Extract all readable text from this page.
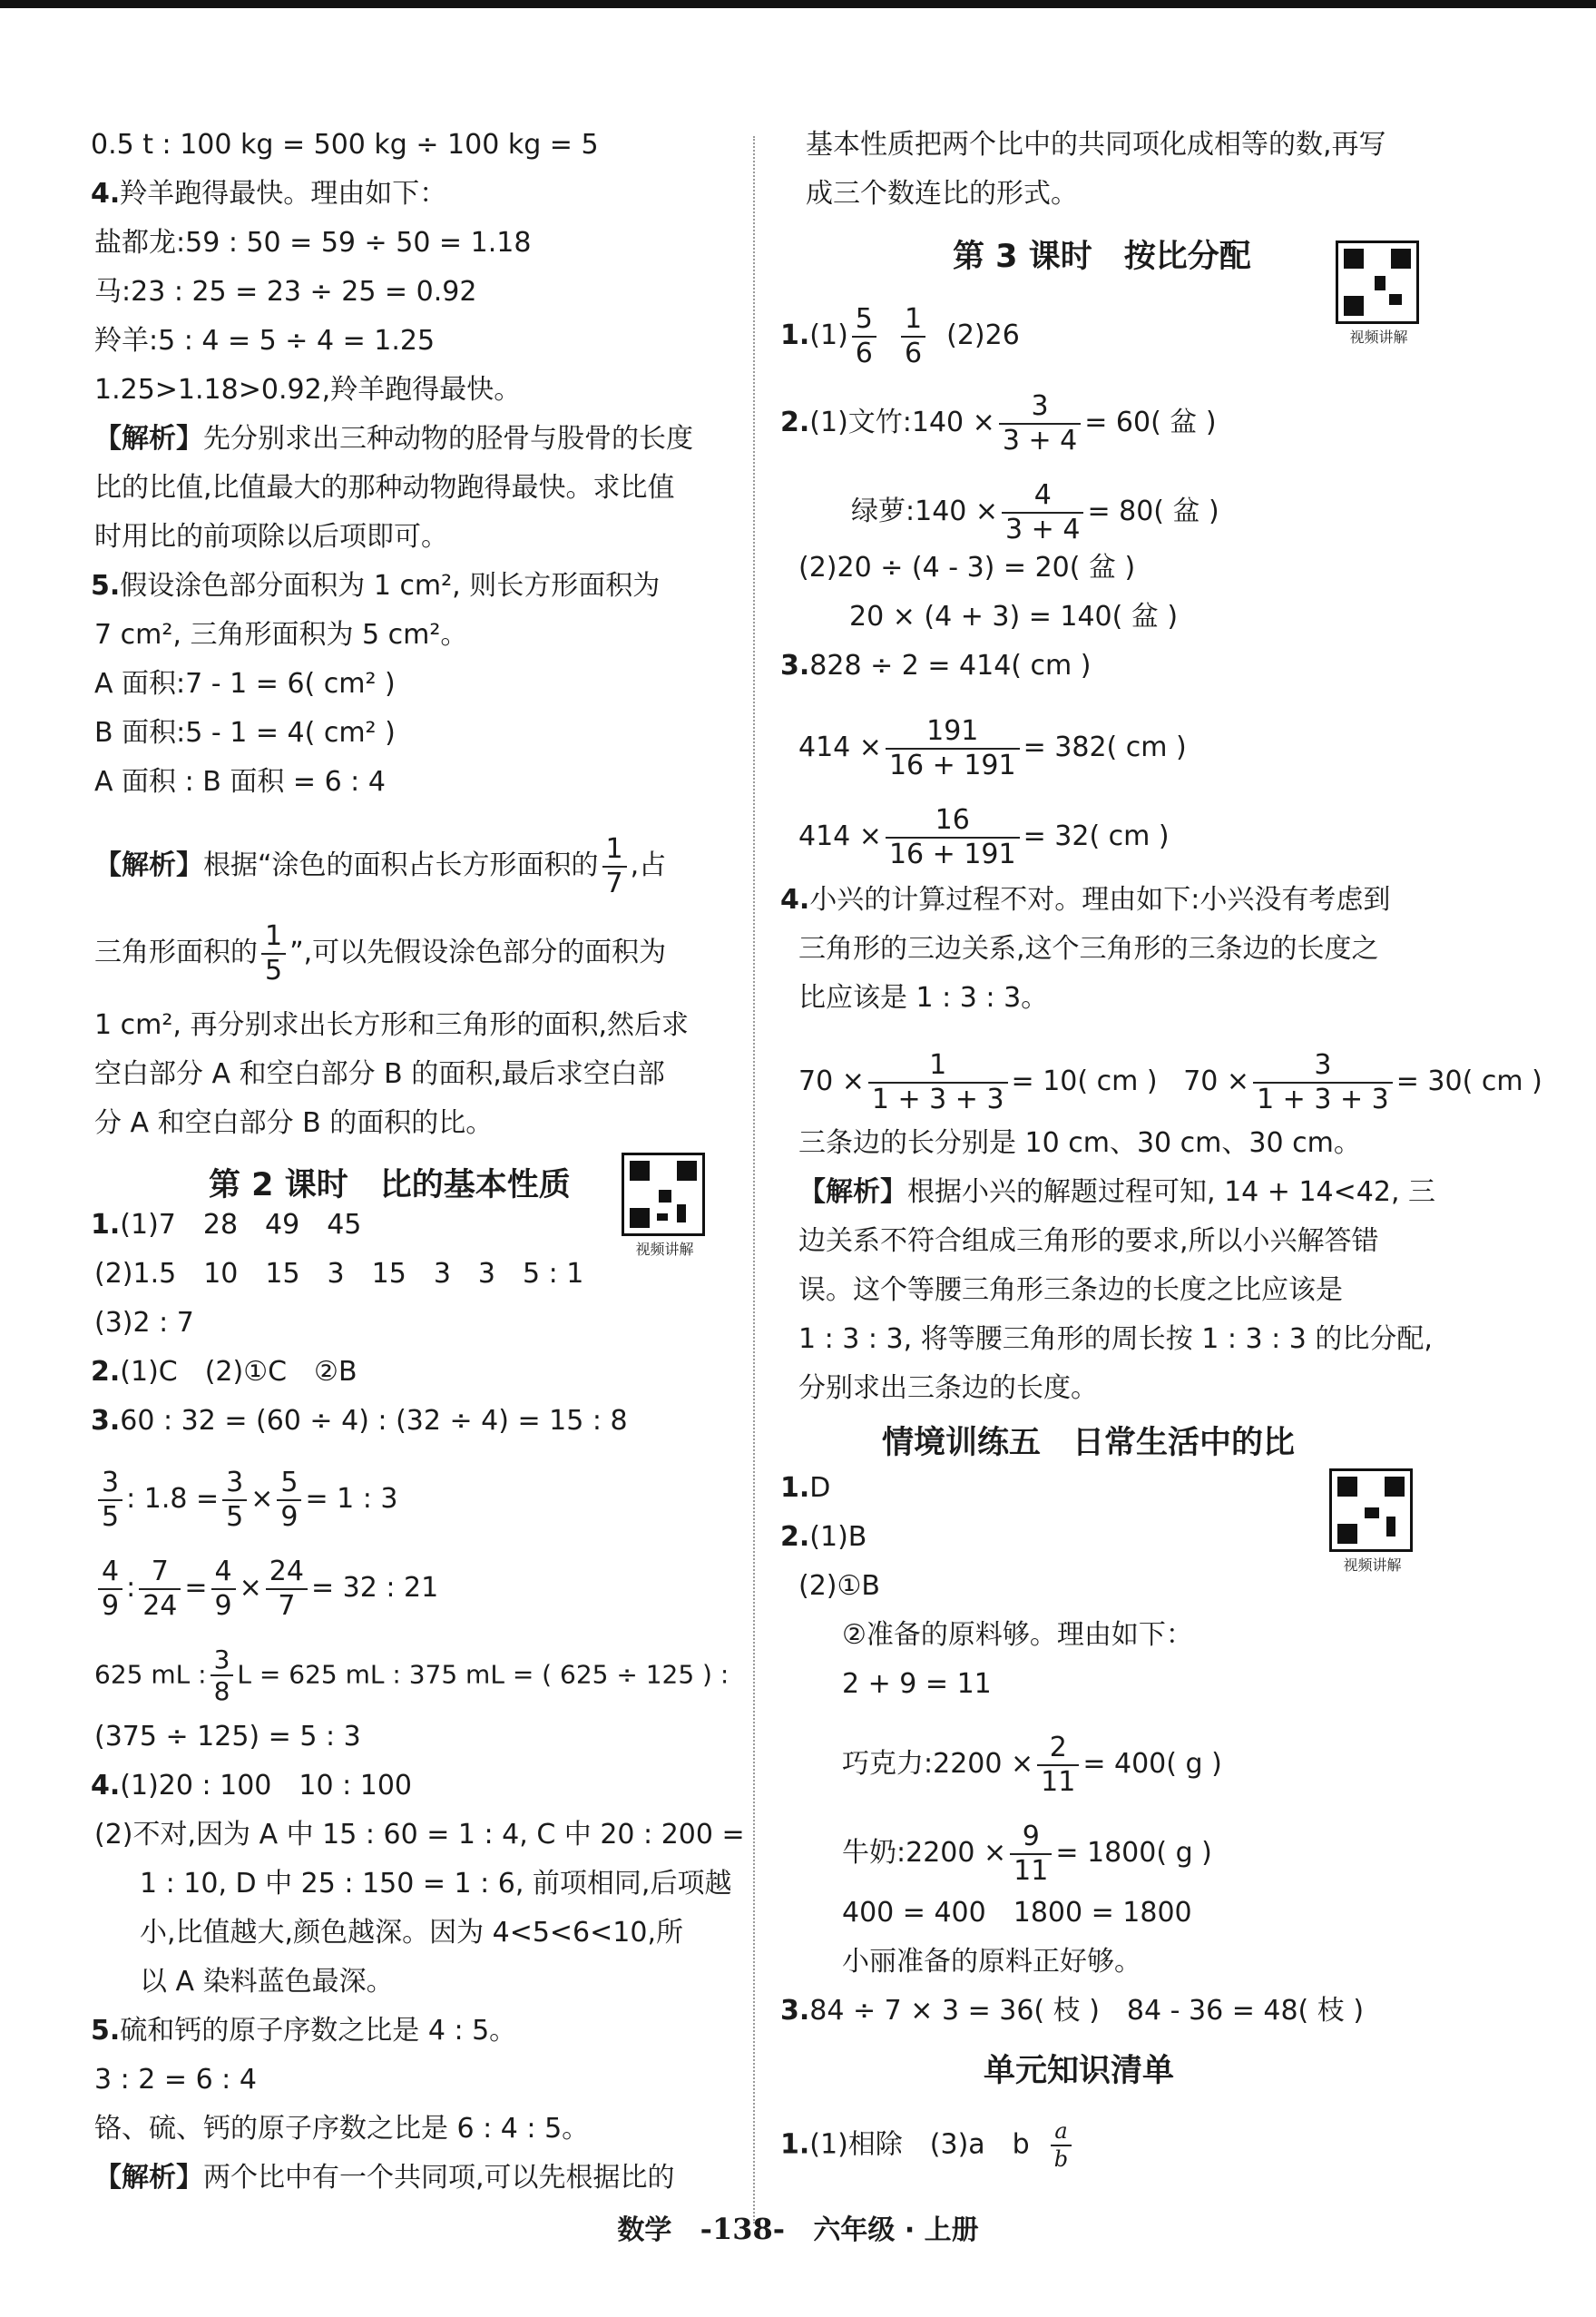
0.5 t : 100 kg = 500 kg ÷ 100 kg = 5
4.羚羊跑得最快。理由如下：
盐都龙:59 : 50 = 59 ÷ 50 = 1.18
马:23 : 25 = 23 ÷ 25 = 0.92
羚羊:5 : 4 = 5 ÷ 4 = 1.25
1.25>1.18>0.92,羚羊跑得最快。
【解析】先分别求出三种动物的胫骨与股骨的长度
比的比值,比值最大的那种动物跑得最快。求比值
时用比的前项除以后项即可。
5.假设涂色部分面积为 1 cm², 则长方形面积为
7 cm², 三角形面积为 5 cm²。
A 面积:7 - 1 = 6( cm² )
B 面积:5 - 1 = 4( cm² )
A 面积 : B 面积 = 6 : 4
【解析】根据“涂色的面积占长方形面积的 $\frac{1}{7}$ ,占
三角形面积的 $\frac{1}{5}$ ”,可以先假设涂色部分的面积为
1 cm², 再分别求出长方形和三角形的面积,然后求
空白部分 A 和空白部分 B 的面积,最后求空白部
分 A 和空白部分 B 的面积的比。
第 2 课时　比的基本性质
视频讲解
1.(1)7　28　49　45
(2)1.5　10　15　3　15　3　3　5 : 1
(3)2 : 7
2.(1)C　(2)①C　②B
3.60 : 32 = (60 ÷ 4) : (32 ÷ 4) = 15 : 8
$\frac{3}{5}$ : $1.8 = \frac{3}{5} \times \frac{5}{9} = 1$ : 3
$\frac{4}{9}$ : $\frac{7}{24} = \frac{4}{9} \times \frac{24}{7} = 32$ : 21
625 mL : $\frac{3}{8}$ L = 625 mL : 375 mL = ( 625 ÷ 125 ) :
(375 ÷ 125) = 5 : 3
4.(1)20 : 100　10 : 100
(2)不对,因为 A 中 15 : 60 = 1 : 4, C 中 20 : 200 =
1 : 10, D 中 25 : 150 = 1 : 6, 前项相同,后项越
小,比值越大,颜色越深。因为 4<5<6<10,所
以 A 染料蓝色最深。
5.硫和钙的原子序数之比是 4 : 5。
3 : 2 = 6 : 4
铬、硫、钙的原子序数之比是 6 : 4 : 5。
【解析】两个比中有一个共同项,可以先根据比的
基本性质把两个比中的共同项化成相等的数,再写
成三个数连比的形式。
第 3 课时　按比分配
视频讲解
$1.(1) \frac{5}{6}$
$\frac{1}{6} (2)26$
2.(1)文竹:140 × $\frac{3}{3 + 4} = 60$( 盆 )
绿萝:140 × $\frac{4}{3 + 4} = 80$( 盆 )
(2)20 ÷ (4 - 3) = 20( 盆 )
20 × (4 + 3) = 140( 盆 )
3.828 ÷ 2 = 414( cm )
$414 \times \frac{191}{16 + 191} = 382$( cm )
$414 \times \frac{16}{16 + 191} = 32$( cm )
4.小兴的计算过程不对。理由如下:小兴没有考虑到
三角形的三边关系,这个三角形的三条边的长度之
比应该是 1 : 3 : 3。
$70 \times \frac{1}{1 + 3 + 3} = 10$( cm ) $70 \times \frac{3}{1 + 3 + 3} = 30$( cm )
三条边的长分别是 10 cm、30 cm、30 cm。
【解析】根据小兴的解题过程可知, 14 + 14<42, 三
边关系不符合组成三角形的要求,所以小兴解答错
误。这个等腰三角形三条边的长度之比应该是
1 : 3 : 3, 将等腰三角形的周长按 1 : 3 : 3 的比分配,
分别求出三条边的长度。
情境训练五　日常生活中的比
视频讲解
1.D
2.(1)B
(2)①B
②准备的原料够。理由如下：
2 + 9 = 11
巧克力:2200 × $\frac{2}{11} = 400$( g )
牛奶:2200 × $\frac{9}{11} = 1800$( g )
400 = 400　1800 = 1800
小丽准备的原料正好够。
3.84 ÷ 7 × 3 = 36( 枝 )　84 - 36 = 48( 枝 )
单元知识清单
1.(1)相除　(3)a　b $\frac{a}{b}$
数学 -138- 六年级 · 上册
